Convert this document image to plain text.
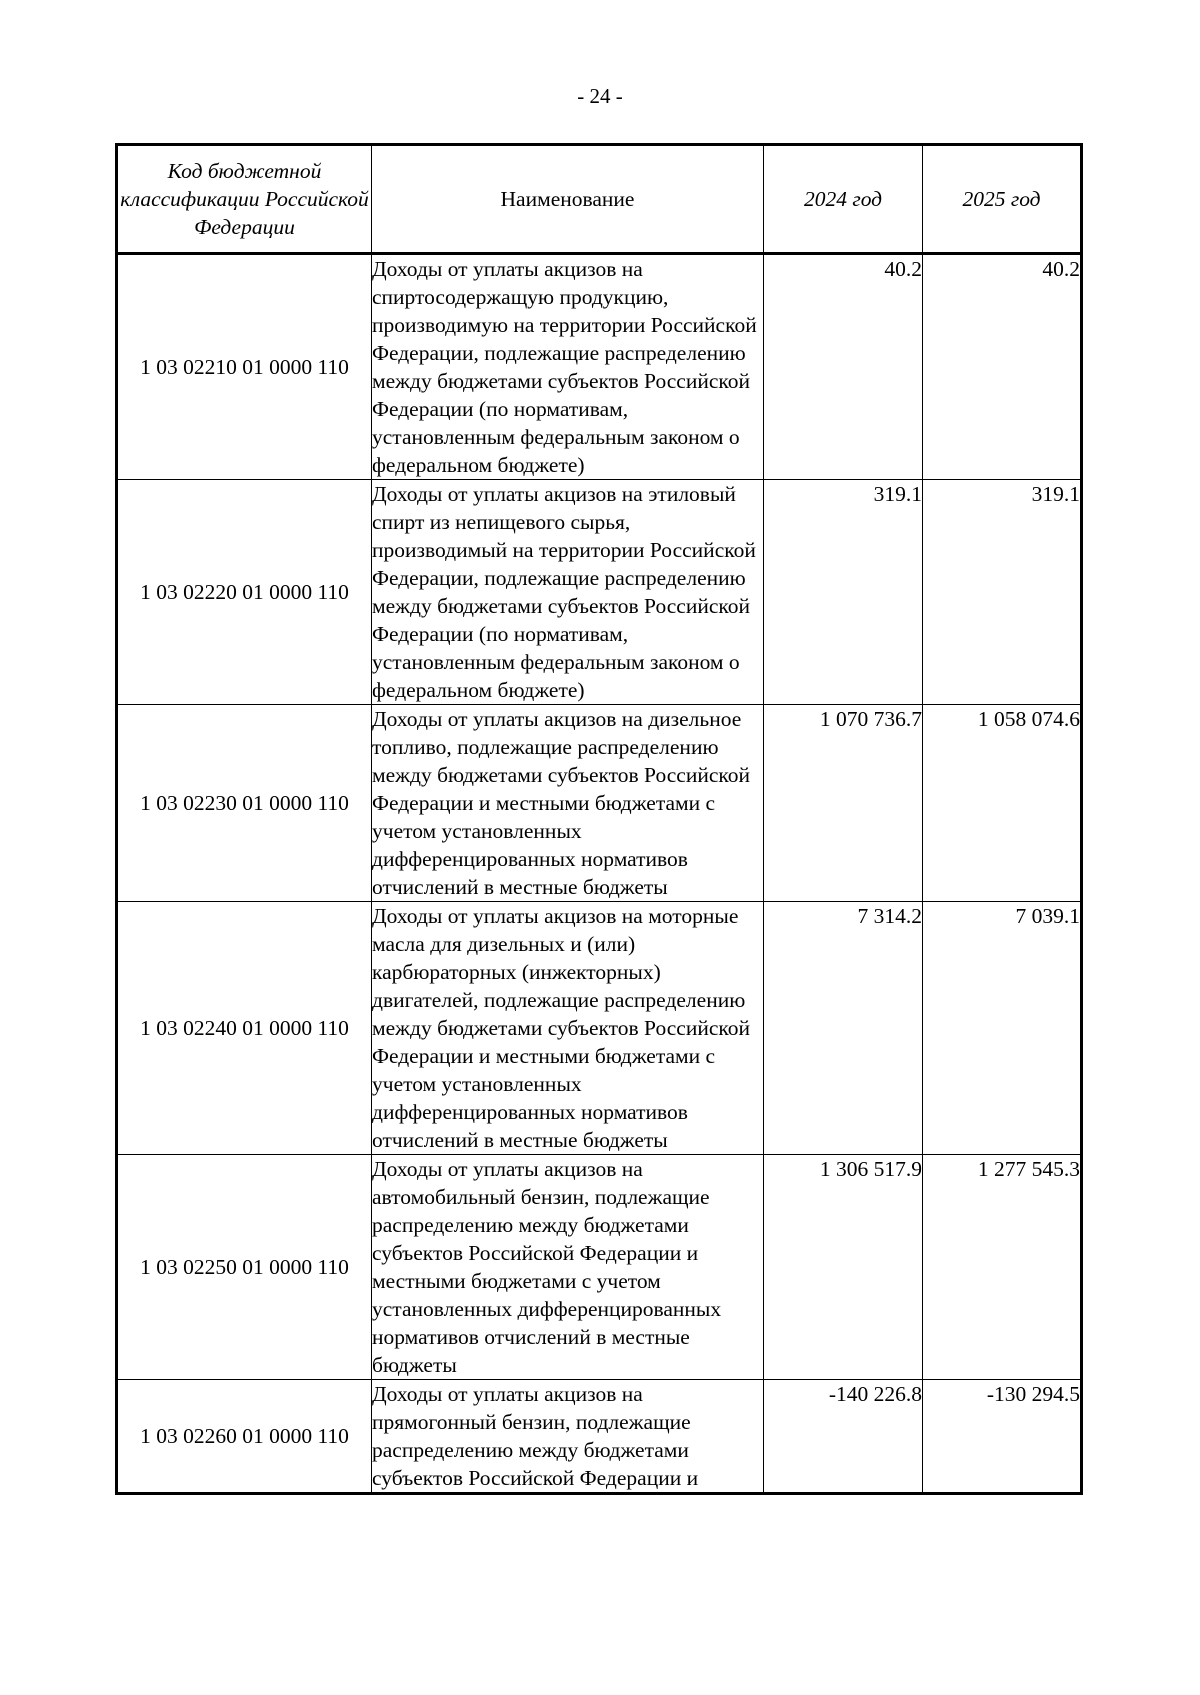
- 24 -
Код бюджетной классификации Российской Федерации	Наименование	2024 год	2025 год
1 03 02210 01 0000 110	Доходы от уплаты акцизов на спиртосодержащую продукцию, производимую на территории Российской Федерации, подлежащие распределению между бюджетами субъектов Российской Федерации (по нормативам, установленным федеральным законом о федеральном бюджете)	40.2	40.2
1 03 02220 01 0000 110	Доходы от уплаты акцизов на этиловый спирт из непищевого сырья, производимый на территории Российской Федерации, подлежащие распределению между бюджетами субъектов Российской Федерации (по нормативам, установленным федеральным законом о федеральном бюджете)	319.1	319.1
1 03 02230 01 0000 110	Доходы от уплаты акцизов на дизельное топливо, подлежащие распределению между бюджетами субъектов Российской Федерации и местными бюджетами с учетом установленных дифференцированных нормативов отчислений в местные бюджеты	1 070 736.7	1 058 074.6
1 03 02240 01 0000 110	Доходы от уплаты акцизов на моторные масла для дизельных и (или) карбюраторных (инжекторных) двигателей, подлежащие распределению между бюджетами субъектов Российской Федерации и местными бюджетами с учетом установленных дифференцированных нормативов отчислений в местные бюджеты	7 314.2	7 039.1
1 03 02250 01 0000 110	Доходы от уплаты акцизов на автомобильный бензин, подлежащие распределению между бюджетами субъектов Российской Федерации и местными бюджетами с учетом установленных дифференцированных нормативов отчислений в местные бюджеты	1 306 517.9	1 277 545.3
1 03 02260 01 0000 110	Доходы от уплаты акцизов на прямогонный бензин, подлежащие распределению между бюджетами субъектов Российской Федерации и	-140 226.8	-130 294.5
